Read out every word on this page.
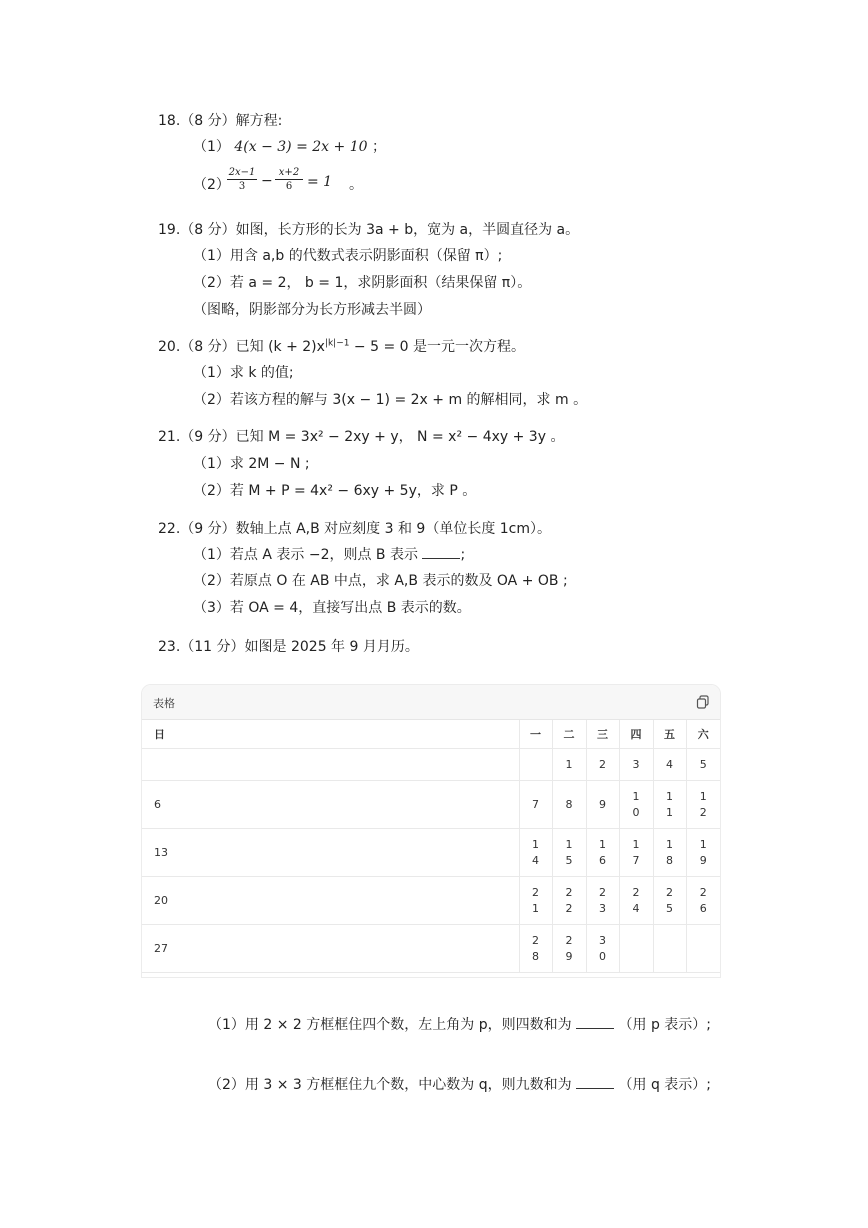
18.（8 分）解方程:
（1） 4(x − 3) = 2x + 10 ；
（2）
$\frac{2x-1}{3} - \frac{x+2}{6} = 1$ 。
19.（8 分）如图，长方形的长为 3a + b，宽为 a，半圆直径为 a。
（1）用含 a,b 的代数式表示阴影面积（保留 π）;
（2）若 a = 2， b = 1，求阴影面积（结果保留 π）。
（图略，阴影部分为长方形减去半圆）
20.（8 分）已知 $(k + 2)x^{|k|-1} - 5 = 0$ 是一元一次方程。
（1）求 k 的值;
（2）若该方程的解与 3(x − 1) = 2x + m 的解相同，求 m 。
21.（9 分）已知 M = 3x² − 2xy + y， N = x² − 4xy + 3y 。
（1）求 2M − N ;
（2）若 M + P = 4x² − 6xy + 5y，求 P 。
22.（9 分）数轴上点 A,B 对应刻度 3 和 9（单位长度 1cm）。
（1）若点 A 表示 −2，则点 B 表示	;
（2）若原点 O 在 AB 中点，求 A,B 表示的数及 OA + OB ;
（3）若 OA = 4，直接写出点 B 表示的数。
23.（11 分）如图是 2025 年 9 月月历。
表格
日	一	二	三	四	五	六
		1	2	3	4	5
6	7	8	9	10	11	12
13	14	15	16	17	18	19
20	21	22	23	24	25	26
27	28	29	30			
（1）用 2 × 2 方框框住四个数，左上角为 p，则四数和为	（用 p 表示）;
（2）用 3 × 3 方框框住九个数，中心数为 q，则九数和为	（用 q 表示）;
